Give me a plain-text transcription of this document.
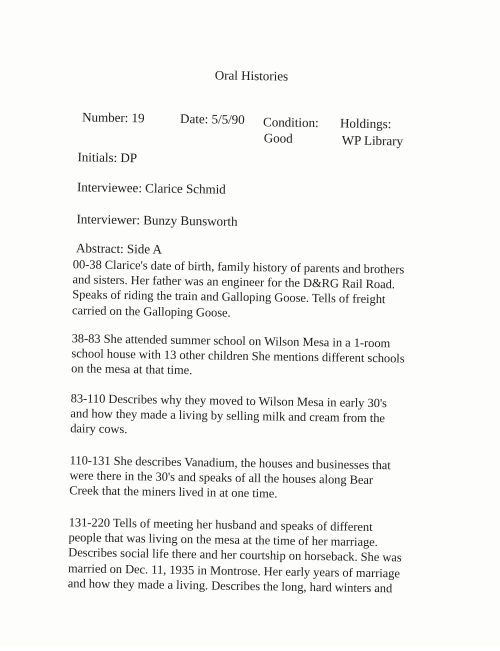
Oral Histories
Number: 19	Date: 5/5/90 Condition:
Good
Holdings:
WP Library
Initials: DP
Interviewee: Clarice Schmid
Interviewer: Bunzy Bunsworth
Abstract: Side A
00-38 Clarice's date of birth, family history of parents and brothers
and sisters. Her father was an engineer for the D&RG Rail Road.
Speaks of riding the train and Galloping Goose. Tells of freight
carried on the Galloping Goose.
38-83 She attended summer school on Wilson Mesa in a 1-room
school house with 13 other children She mentions different schools
on the mesa at that time.
83-110 Describes why they moved to Wilson Mesa in early 30's
and how they made a living by selling milk and cream from the
dairy cows.
110-131 She describes Vanadium, the houses and businesses that
were there in the 30's and speaks of all the houses along Bear
Creek that the miners lived in at one time.
131-220 Tells of meeting her husband and speaks of different
people that was living on the mesa at the time of her marriage.
Describes social life there and her courtship on horseback. She was
married on Dec. 11, 1935 in Montrose. Her early years of marriage
and how they made a living. Describes the long, hard winters and
